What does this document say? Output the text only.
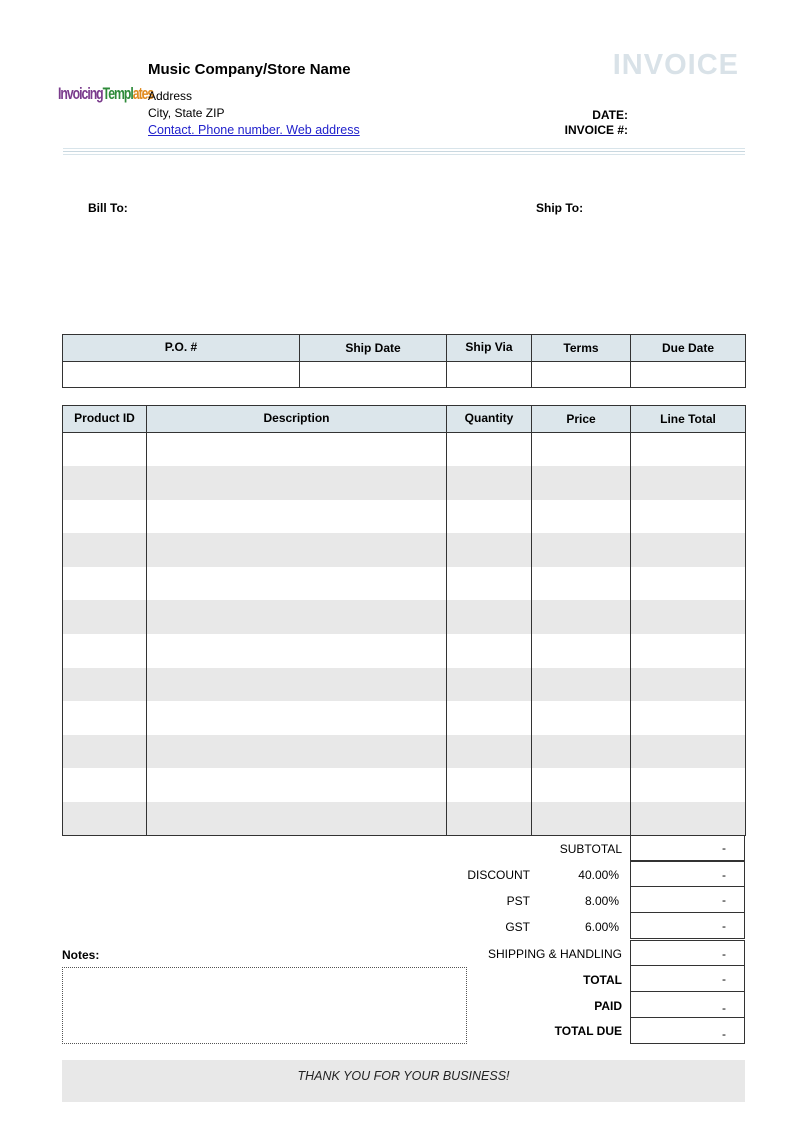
InvoicingTemplates
Music Company/Store Name
Address
City, State ZIP
Contact. Phone number. Web address
INVOICE
DATE:
INVOICE #:
Bill To:	Ship To:
P.O. #	Ship Date	Ship Via	Terms	Due Date

Product ID	Description	Quantity	Price	Line Total

SUBTOTAL	-
DISCOUNT	40.00%	-
PST	8.00%	-
GST	6.00%	-
SHIPPING & HANDLING	-
TOTAL	-
PAID	-
TOTAL DUE	-
Notes:
THANK YOU FOR YOUR BUSINESS!
